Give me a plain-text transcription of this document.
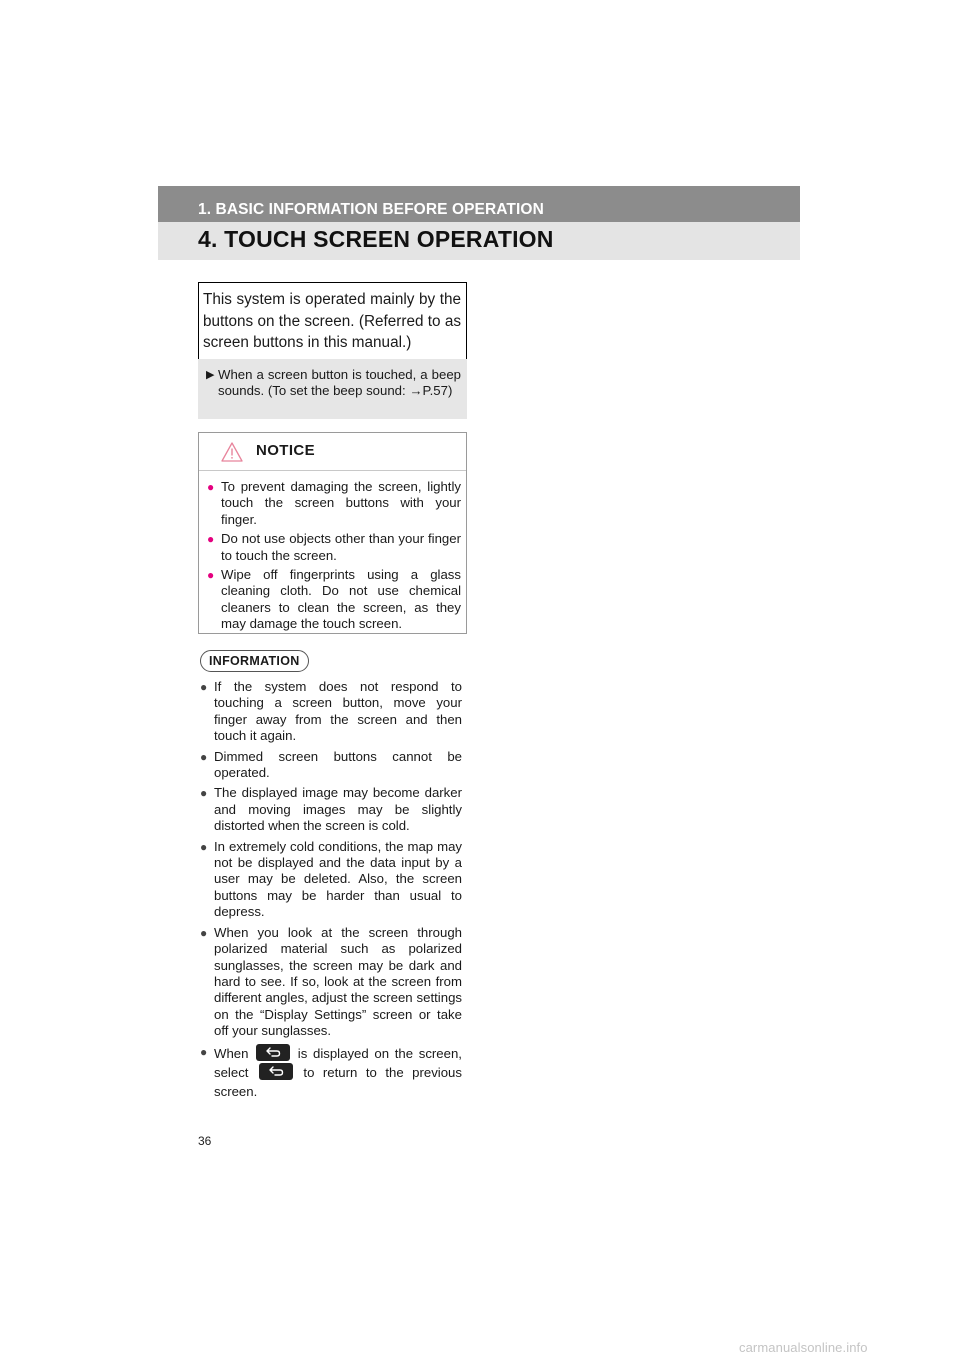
1. BASIC INFORMATION BEFORE OPERATION
4. TOUCH SCREEN OPERATION
This system is operated mainly by the buttons on the screen. (Referred to as screen buttons in this manual.)
▶ When a screen button is touched, a beep sounds. (To set the beep sound: →P.57)
NOTICE
● To prevent damaging the screen, lightly touch the screen buttons with your finger.
● Do not use objects other than your finger to touch the screen.
● Wipe off fingerprints using a glass cleaning cloth. Do not use chemical cleaners to clean the screen, as they may damage the touch screen.
INFORMATION
● If the system does not respond to touching a screen button, move your finger away from the screen and then touch it again.
● Dimmed screen buttons cannot be operated.
● The displayed image may become darker and moving images may be slightly distorted when the screen is cold.
● In extremely cold conditions, the map may not be displayed and the data input by a user may be deleted. Also, the screen buttons may be harder than usual to depress.
● When you look at the screen through polarized material such as polarized sunglasses, the screen may be dark and hard to see. If so, look at the screen from different angles, adjust the screen settings on the “Display Settings” screen or take off your sunglasses.
● When	is displayed on the screen, select	to return to the previous screen.
36
carmanualsonline.info
